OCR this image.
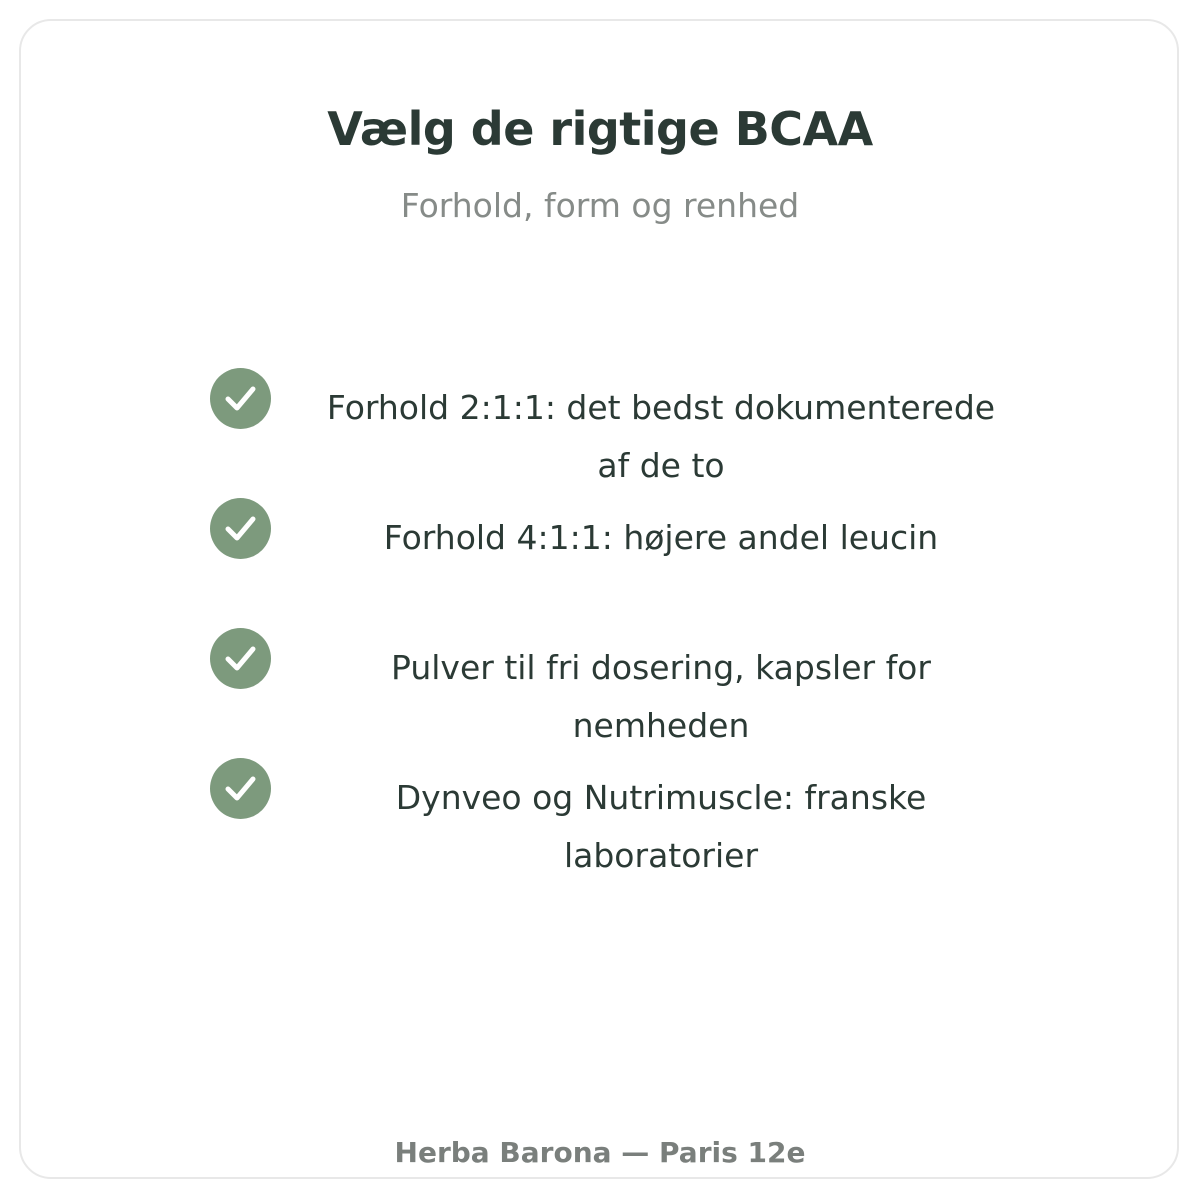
Vælg de rigtige BCAA
Forhold, form og renhed
Forhold 2:1:1: det bedst dokumenterede af de to
Forhold 4:1:1: højere andel leucin
Pulver til fri dosering, kapsler for nemheden
Dynveo og Nutrimuscle: franske laboratorier
Herba Barona — Paris 12e
